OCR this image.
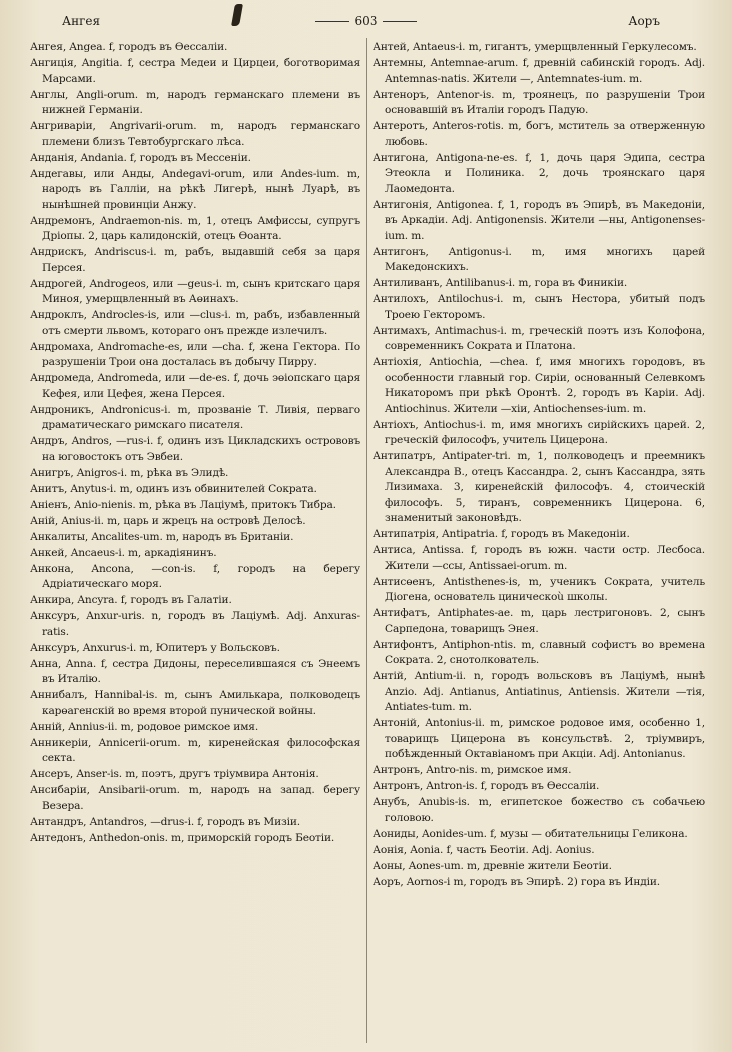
Ангея	603	Аоръ
Ангея, Angea. f, городъ въ Өессаліи.
Ангиція, Angitia. f, сестра Медеи и Цирцеи, боготворимая Марсами.
Англы, Angli-orum. m, народъ германскаго племени въ нижней Германіи.
Ангриваріи, Angrivarii-orum. m, народъ германскаго племени близъ Тевтобургскаго лѣса.
Анданія, Andania. f, городъ въ Мессеніи.
Андегавы, или Анды, Andegavi-orum, или Andes-ium. m, народъ въ Галліи, на рѣкѣ Лигерѣ, нынѣ Луарѣ, въ нынѣшней провинціи Анжу.
Андремонъ, Andraemon-nis. m, 1, отецъ Амфиссы, супругъ Дріопы. 2, царь калидонскій, отецъ Өоанта.
Андрискъ, Andriscus-i. m, рабъ, выдавшій себя за царя Персея.
Андрогей, Androgeos, или —geus-i. m, сынъ критскаго царя Миноя, умерщвленный въ Аөинахъ.
Андроклъ, Androcles-is, или —clus-i. m, рабъ, избавленный отъ смерти львомъ, котораго онъ прежде излечилъ.
Андромаха, Andromache-es, или —cha. f, жена Гектора. По разрушеніи Трои она досталась въ добычу Пирру.
Андромеда, Andromeda, или —de-es. f, дочь эөіопскаго царя Кефея, или Цефея, жена Персея.
Андроникъ, Andronicus-i. m, прозваніе Т. Ливія, перваго драматическаго римскаго писателя.
Андръ, Andros, —rus-i. f, одинъ изъ Цикладскихъ острововъ на юговостокъ отъ Эвбеи.
Анигръ, Anigros-i. m, рѣка въ Элидѣ.
Анитъ, Anytus-i. m, одинъ изъ обвинителей Сократа.
Аніенъ, Anio-nienis. m, рѣка въ Лаціумѣ, притокъ Тибра.
Аній, Anius-ii. m, царь и жрецъ на островѣ Делосѣ.
Анкалиты, Ancalites-um. m, народъ въ Британіи.
Анкей, Ancaeus-i. m, аркадіянинъ.
Анкона, Ancona, —con-is. f, городъ на берегу Адріатическаго моря.
Анкира, Ancyra. f, городъ въ Галатіи.
Анксуръ, Anxur-uris. n, городъ въ Лаціумѣ. Adj. Anxuras-ratis.
Анксуръ, Anxurus-i. m, Юпитеръ у Вольсковъ.
Анна, Anna. f, сестра Дидоны, переселившаяся съ Энеемъ въ Италію.
Аннибалъ, Hannibal-is. m, сынъ Амилькара, полководецъ карөагенскій во время второй пунической войны.
Анній, Annius-ii. m, родовое римское имя.
Анникеріи, Anniceriі-orum. m, киренейская философская секта.
Ансеръ, Anser-is. m, поэтъ, другъ тріумвира Антонія.
Ансибаріи, Ansibarii-orum. m, народъ на запад. берегу Везера.
Антандръ, Antandros, —drus-i. f, городъ въ Мизіи.
Антедонъ, Anthedon-onis. m, приморскій городъ Беотіи.
Антей, Antaeus-i. m, гигантъ, умерщвленный Геркулесомъ.
Антемны, Antemnae-arum. f, древній сабинскій городъ. Adj. Antemnas-natis. Жители —, Antemnates-ium. m.
Антеноръ, Antenor-is. m, троянецъ, по разрушеніи Трои основавшій въ Италіи городъ Падую.
Антеротъ, Anteros-rotis. m, богъ, мститель за отверженную любовь.
Антигона, Antigona-ne-es. f, 1, дочь царя Эдипа, сестра Этеокла и Полиника. 2, дочь троянскаго царя Лаомедонта.
Антигонія, Antigonea. f, 1, городъ въ Эпирѣ, въ Македоніи, въ Аркадіи. Adj. Antigonensis. Жители —ны, Antigonenses-ium. m.
Антигонъ, Antigonus-i. m, имя многихъ царей Македонскихъ.
Антиливанъ, Antilibanus-i. m, гора въ Финикіи.
Антилохъ, Antilochus-i. m, сынъ Нестора, убитый подъ Троею Гекторомъ.
Антимахъ, Antimachus-i. m, греческій поэтъ изъ Колофона, современникъ Сократа и Платона.
Антіохія, Antiochia, —chea. f, имя многихъ городовъ, въ особенности главный гор. Сиріи, основанный Селевкомъ Никаторомъ при рѣкѣ Оронтѣ. 2, городъ въ Каріи. Adj. Antiochinus. Жители —хіи, Antiochenses-ium. m.
Антіохъ, Antiochus-i. m, имя многихъ сирійскихъ царей. 2, греческій философъ, учитель Цицерона.
Антипатръ, Antipater-tri. m, 1, полководецъ и преемникъ Александра В., отецъ Кассандра. 2, сынъ Кассандра, зять Лизимаха. 3, киренейскій философъ. 4, стоическій философъ. 5, тиранъ, современникъ Цицерона. 6, знаменитый законовѣдъ.
Антипатрія, Antipatria. f, городъ въ Македоніи.
Антиса, Antissa. f, городъ въ южн. части остр. Лесбоса. Жители —ссы, Antissaei-orum. m.
Антисөенъ, Antisthenes-is, m, ученикъ Сократа, учитель Діогена, основатель циническоù школы.
Антифатъ, Antiphates-ae. m, царь лестригоновъ. 2, сынъ Сарпедона, товарищъ Энея.
Антифонтъ, Antiphon-ntis. m, славный софистъ во времена Сократа. 2, снотолкователь.
Антій, Antium-ii. n, городъ вольсковъ въ Лаціумѣ, нынѣ Anzio. Adj. Antianus, Antiatinus, Antiensis. Жители —тія, Antiates-tum. m.
Антоній, Antonius-ii. m, римское родовое имя, особенно 1, товарищъ Цицерона въ консульствѣ. 2, тріумвиръ, побѣжденный Октавіаномъ при Акціи. Adj. Antonianus.
Антронъ, Antro-nis. m, римское имя.
Антронъ, Antron-is. f, городъ въ Өессаліи.
Анубъ, Anubis-is. m, египетское божество съ собачьею головою.
Аониды, Aonides-um. f, музы — обитательницы Геликона.
Аонія, Aonia. f, часть Беотіи. Adj. Aonius.
Аоны, Aones-um. m, древніе жители Беотіи.
Аоръ, Aornos-i m, городъ въ Эпирѣ. 2) горa въ Индіи.
